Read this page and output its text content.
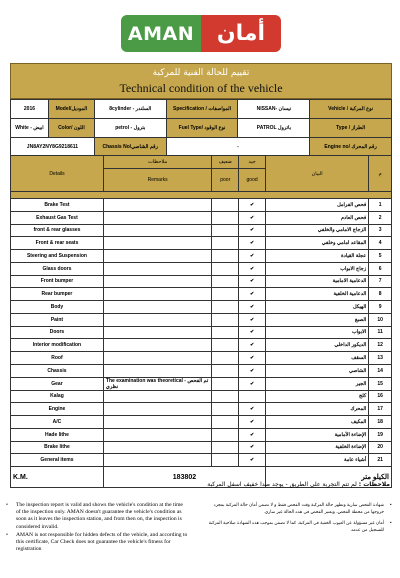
AMAN	أمان
تقييم للحالة الفنية للمركبة
Technical condition of the vehicle
2016	Model/الموديل	8cylinder - السلندر	Specification / المواصفات	NISSAN- نيسان	Vehicle / نوع المركبة
White - ابيض	Color/ اللون	petrol - بترول	Fuel Type/ نوع الوقود	PATROL باترول	Type / الطراز
JN8AY2NY8G9218611		Chassis No/رقم الشاصي	-		Engine no/ رقم المحرك
Details	ملاحظات	ضعيف	جيد	البيان	م
	Remarks	poor	good		

Brake Test			✔	فحص الفرامل	1
Exhaust Gas Test			✔	فحص العادم	2
front & rear glasses			✔	الزجاج الامامي والخلفي	3
Front & rear seats			✔	المقاعد امامي وخلفي	4
Steering and Suspension			✔	عجلة القيادة	5
Glass doors			✔	زجاج الابواب	6
Front bumper			✔	الدعامية الامامية	7
Rear bumper			✔	الدعامية الخلفية	8
Body			✔	الهيكل	9
Paint			✔	الصبغ	10
Doors			✔	الابواب	11
Interior modification			✔	الديكور الداخلي	12
Roof			✔	السقف	13
Chassis			✔	الشاصي	14
Gear	The examination was theoretical - تم الفحص نظري		✔	الجير	15
Kalag				كلج	16
Engine			✔	المحرك	17
A/C			✔	المكيف	18
Hade lithe			✔	الإضاءة الأمامية	19
Brake lithe			✔	الإضاءة الخلفية	20
General items			✔	أشياء عامة	21
K.M.	183802			الكيلو متر	
ملاحظات : لم تتم التجربة على الطريق - يوجد صدا خفيف اسفل المركبة
• The inspection report is valid and shows the vehicle's condition at the time of the inspection only. AMAN doesn't guarantee the vehicle's condition as soon as it leaves the inspection station, and from then on, the inspection is considered invalid.
• AMAN is not responsible for hidden defects of the vehicle, and according to this certificate, Car Check does not guarantee the vehicle's fitness for registration
• شهادة الفحص سارية وتظهر حالة المركبة وقت الفحص فقط و لا تضمن أمان حالة المركبة بمجرد خروجها من محطة الفحص، ويعتبر الفحص في هذه الحالة غير ساري.
• أمان غير مسؤولة عن العيوب الخفية في المركبة، كما لا تضمن بموجب هذه الشهادة صلاحية المركبة للتسجيل من عدمه
